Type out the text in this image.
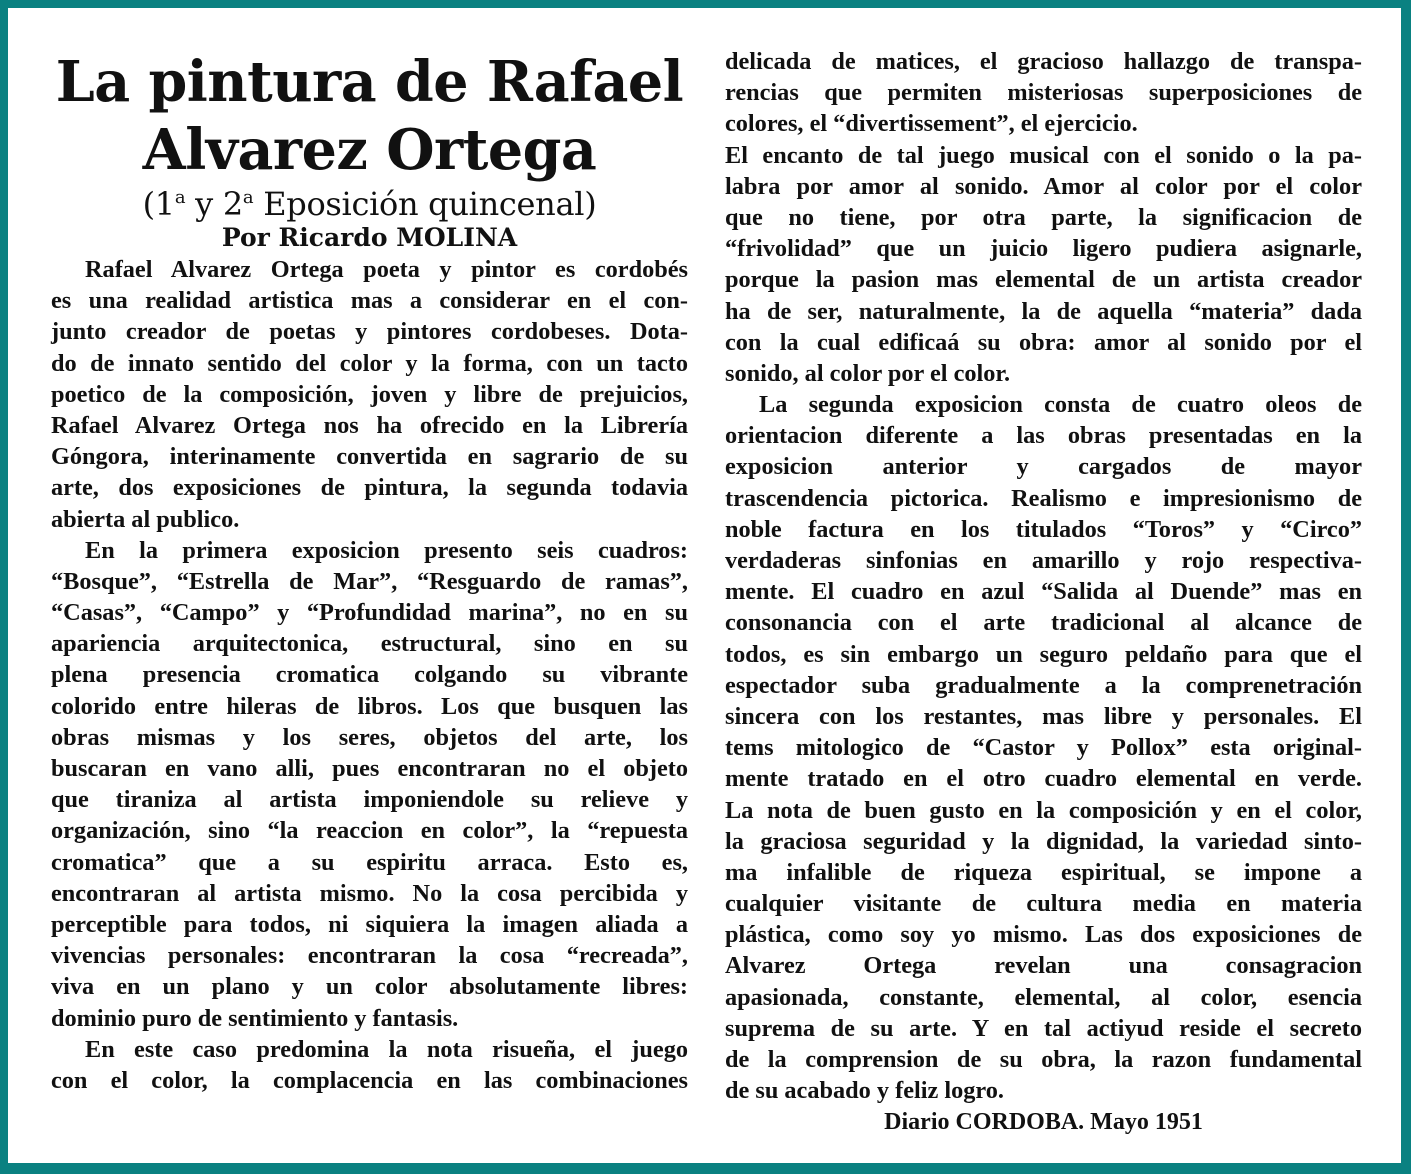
La pintura de Rafael
Alvarez Ortega
(1$^a$ y 2$^a$ Eposición quincenal)
Por Ricardo MOLINA
Rafael Alvarez Ortega poeta y pintor es cordobés
es una realidad artistica mas a considerar en el con-
junto creador de poetas y pintores cordobeses. Dota-
do de innato sentido del color y la forma, con un tacto
poetico de la composición, joven y libre de prejuicios,
Rafael Alvarez Ortega nos ha ofrecido en la Librería
Góngora, interinamente convertida en sagrario de su
arte, dos exposiciones de pintura, la segunda todavia
abierta al publico.
En la primera exposicion presento seis cuadros:
“Bosque”, “Estrella de Mar”, “Resguardo de ramas”,
“Casas”, “Campo” y “Profundidad marina”, no en su
apariencia arquitectonica, estructural, sino en su
plena presencia cromatica colgando su vibrante
colorido entre hileras de libros. Los que busquen las
obras mismas y los seres, objetos del arte, los
buscaran en vano alli, pues encontraran no el objeto
que tiraniza al artista imponiendole su relieve y
organización, sino “la reaccion en color”, la “repuesta
cromatica” que a su espiritu arraca. Esto es,
encontraran al artista mismo. No la cosa percibida y
perceptible para todos, ni siquiera la imagen aliada a
vivencias personales: encontraran la cosa “recreada”,
viva en un plano y un color absolutamente libres:
dominio puro de sentimiento y fantasis.
En este caso predomina la nota risueña, el juego
con el color, la complacencia en las combinaciones
delicada de matices, el gracioso hallazgo de transpa-
rencias que permiten misteriosas superposiciones de
colores, el “divertissement”, el ejercicio.
El encanto de tal juego musical con el sonido o la pa-
labra por amor al sonido. Amor al color por el color
que no tiene, por otra parte, la significacion de
“frivolidad” que un juicio ligero pudiera asignarle,
porque la pasion mas elemental de un artista creador
ha de ser, naturalmente, la de aquella “materia” dada
con la cual edificaá su obra: amor al sonido por el
sonido, al color por el color.
La segunda exposicion consta de cuatro oleos de
orientacion diferente a las obras presentadas en la
exposicion anterior y cargados de mayor
trascendencia pictorica. Realismo e impresionismo de
noble factura en los titulados “Toros” y “Circo”
verdaderas sinfonias en amarillo y rojo respectiva-
mente. El cuadro en azul “Salida al Duende” mas en
consonancia con el arte tradicional al alcance de
todos, es sin embargo un seguro peldaño para que el
espectador suba gradualmente a la comprenetración
sincera con los restantes, mas libre y personales. El
tems mitologico de “Castor y Pollox” esta original-
mente tratado en el otro cuadro elemental en verde.
La nota de buen gusto en la composición y en el color,
la graciosa seguridad y la dignidad, la variedad sinto-
ma infalible de riqueza espiritual, se impone a
cualquier visitante de cultura media en materia
plástica, como soy yo mismo. Las dos exposiciones de
Alvarez Ortega revelan una consagracion
apasionada, constante, elemental, al color, esencia
suprema de su arte. Y en tal actiyud reside el secreto
de la comprension de su obra, la razon fundamental
de su acabado y feliz logro.
Diario CORDOBA. Mayo 1951
